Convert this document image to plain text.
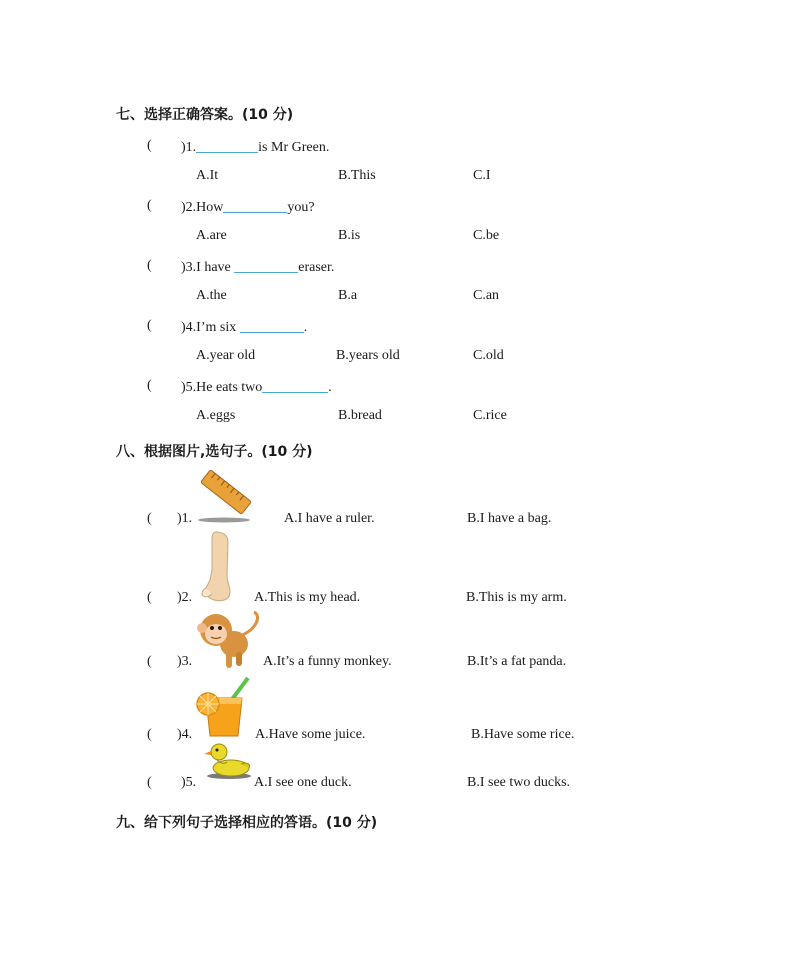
七、选择正确答案。(10 分)
( )1.	is Mr Green.
A.It	B.This	C.I
( )2.How	you?
A.are	B.is	C.be
( )3.I have	eraser.
A.the	B.a	C.an
( )4.I’m six	.
A.year old	B.years old	C.old
( )5.He eats two	.
A.eggs	B.bread	C.rice
八、根据图片,选句子。(10 分)
( )1.	A.I have a ruler.	B.I have a bag.
( )2.	A.This is my head.	B.This is my arm.
( )3.	A.It’s a funny monkey.	B.It’s a fat panda.
( )4.	A.Have some juice.	B.Have some rice.
( )5.	A.I see one duck.	B.I see two ducks.
九、给下列句子选择相应的答语。(10 分)
